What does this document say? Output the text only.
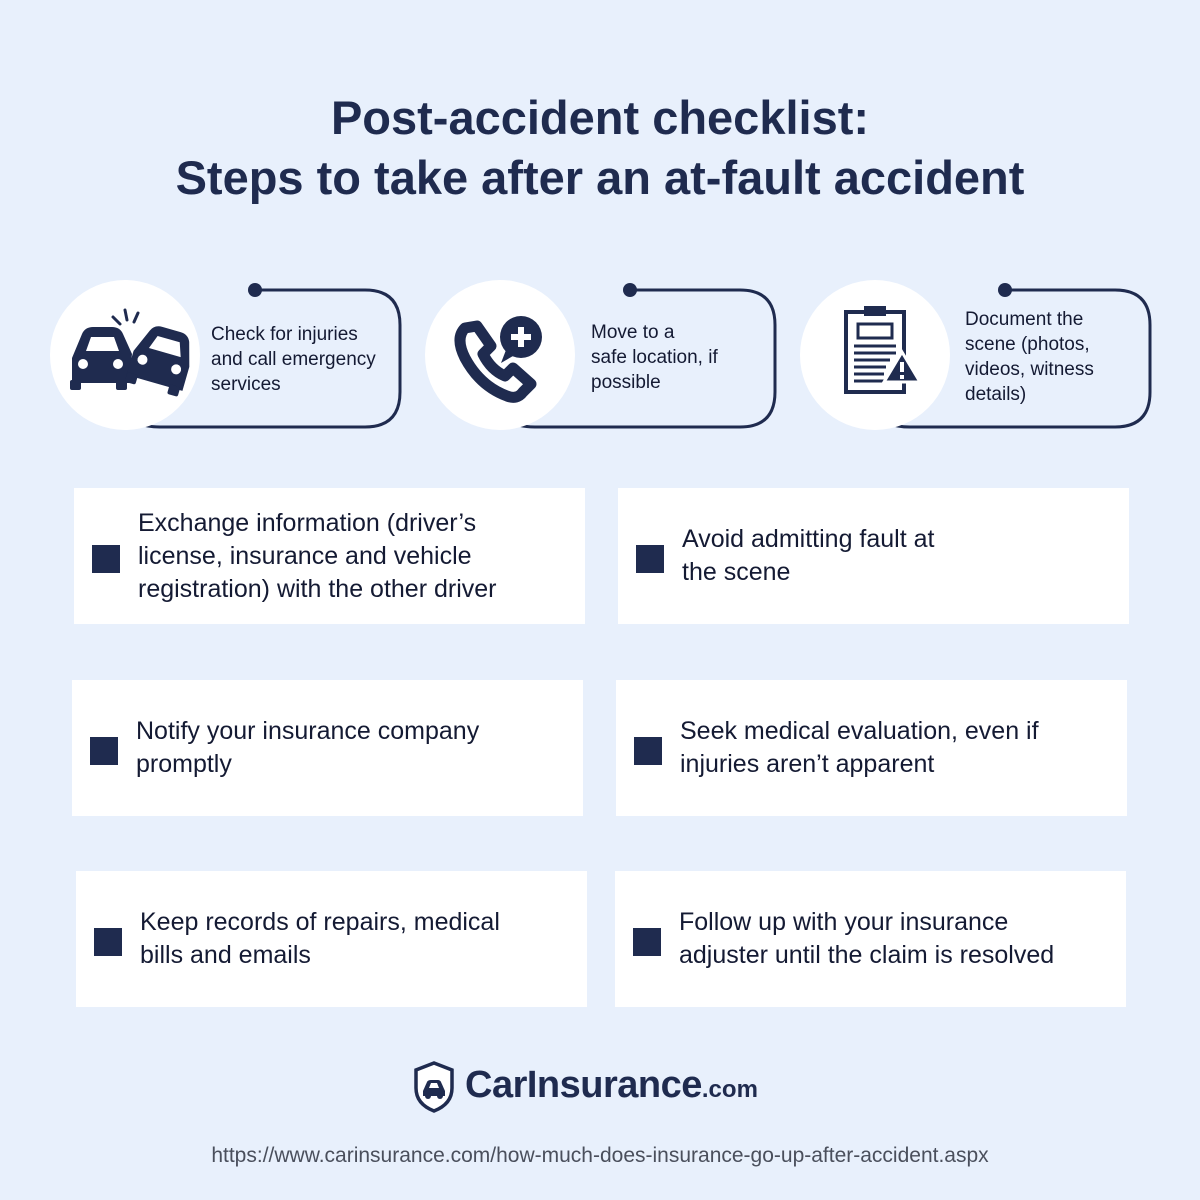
Post-accident checklist:
Steps to take after an at-fault accident
Check for injuries
and call emergency
services
Move to a
safe location, if
possible
Document the
scene (photos,
videos, witness
details)
Exchange information (driver’s
license, insurance and vehicle
registration) with the other driver
Avoid admitting fault at
the scene
Notify your insurance company
promptly
Seek medical evaluation, even if
injuries aren’t apparent
Keep records of repairs, medical
bills and emails
Follow up with your insurance
adjuster until the claim is resolved
CarInsurance.com
https://www.carinsurance.com/how-much-does-insurance-go-up-after-accident.aspx
